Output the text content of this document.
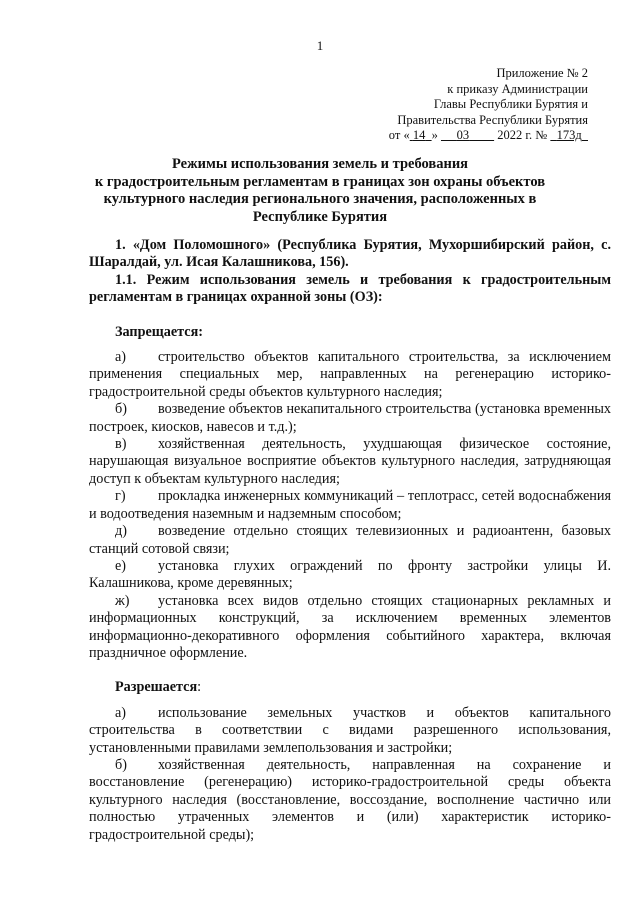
1
Приложение № 2
к приказу Администрации
Главы Республики Бурятия и
Правительства Республики Бурятия
от « 14 » 03 2022 г. № 173д
Режимы использования земель и требования
к градостроительным регламентам в границах зон охраны объектов
культурного наследия регионального значения, расположенных в
Республике Бурятия

1. «Дом Поломошного» (Республика Бурятия, Мухоршибирский район, с. Шаралдай, ул. Исая Калашникова, 156).

1.1. Режим использования земель и требования к градостроительным регламентам в границах охранной зоны (ОЗ):

Запрещается:

а) строительство объектов капитального строительства, за исключением применения специальных мер, направленных на регенерацию историко-градостроительной среды объектов культурного наследия;

б) возведение объектов некапитального строительства (установка временных построек, киосков, навесов и т.д.);

в) хозяйственная деятельность, ухудшающая физическое состояние, нарушающая визуальное восприятие объектов культурного наследия, затрудняющая доступ к объектам культурного наследия;

г) прокладка инженерных коммуникаций – теплотрасс, сетей водоснабжения и водоотведения наземным и надземным способом;

д) возведение отдельно стоящих телевизионных и радиоантенн, базовых станций сотовой связи;

е) установка глухих ограждений по фронту застройки улицы И. Калашникова, кроме деревянных;

ж) установка всех видов отдельно стоящих стационарных рекламных и информационных конструкций, за исключением временных элементов информационно-декоративного оформления событийного характера, включая праздничное оформление.

Разрешается:

а) использование земельных участков и объектов капитального строительства в соответствии с видами разрешенного использования, установленными правилами землепользования и застройки;

б) хозяйственная деятельность, направленная на сохранение и восстановление (регенерацию) историко-градостроительной среды объекта культурного наследия (восстановление, воссоздание, восполнение частично или полностью утраченных элементов и (или) характеристик историко-градостроительной среды);
